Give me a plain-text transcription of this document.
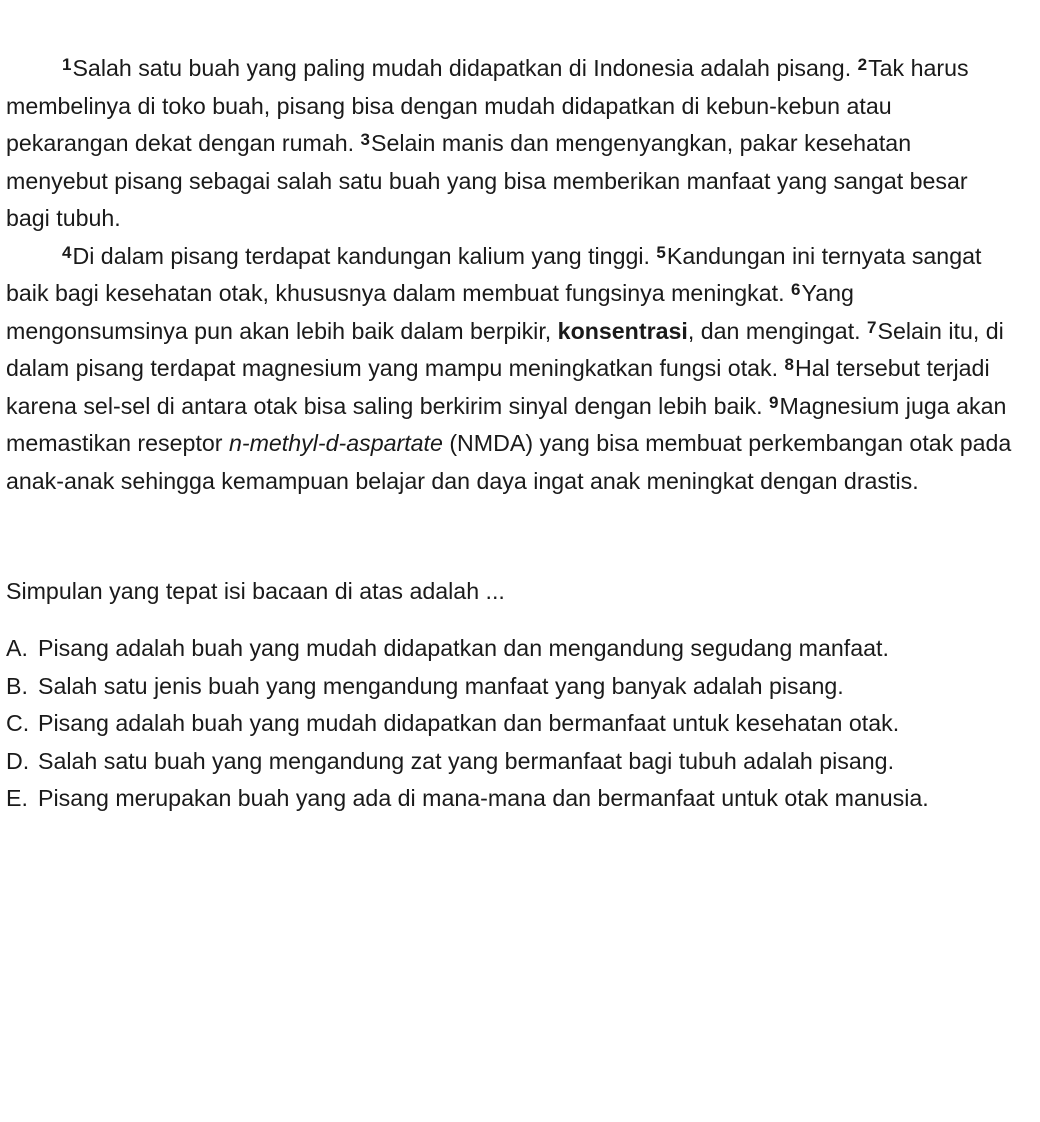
$^1$Salah satu buah yang paling mudah didapatkan di Indonesia adalah pisang. $^2$Tak harus membelinya di toko buah, pisang bisa dengan mudah didapatkan di kebun-kebun atau pekarangan dekat dengan rumah. $^3$Selain manis dan mengenyangkan, pakar kesehatan menyebut pisang sebagai salah satu buah yang bisa memberikan manfaat yang sangat besar bagi tubuh.

$^4$Di dalam pisang terdapat kandungan kalium yang tinggi. $^5$Kandungan ini ternyata sangat baik bagi kesehatan otak, khususnya dalam membuat fungsinya meningkat. $^6$Yang mengonsumsinya pun akan lebih baik dalam berpikir, konsentrasi, dan mengingat. $^7$Selain itu, di dalam pisang terdapat magnesium yang mampu meningkatkan fungsi otak. $^8$Hal tersebut terjadi karena sel-sel di antara otak bisa saling berkirim sinyal dengan lebih baik. $^9$Magnesium juga akan memastikan reseptor n-methyl-d-aspartate (NMDA) yang bisa membuat perkembangan otak pada anak-anak sehingga kemampuan belajar dan daya ingat anak meningkat dengan drastis.

Simpulan yang tepat isi bacaan di atas adalah ...

A. Pisang adalah buah yang mudah didapatkan dan mengandung segudang manfaat.
B. Salah satu jenis buah yang mengandung manfaat yang banyak adalah pisang.
C. Pisang adalah buah yang mudah didapatkan dan bermanfaat untuk kesehatan otak.
D. Salah satu buah yang mengandung zat yang bermanfaat bagi tubuh adalah pisang.
E. Pisang merupakan buah yang ada di mana-mana dan bermanfaat untuk otak manusia.
